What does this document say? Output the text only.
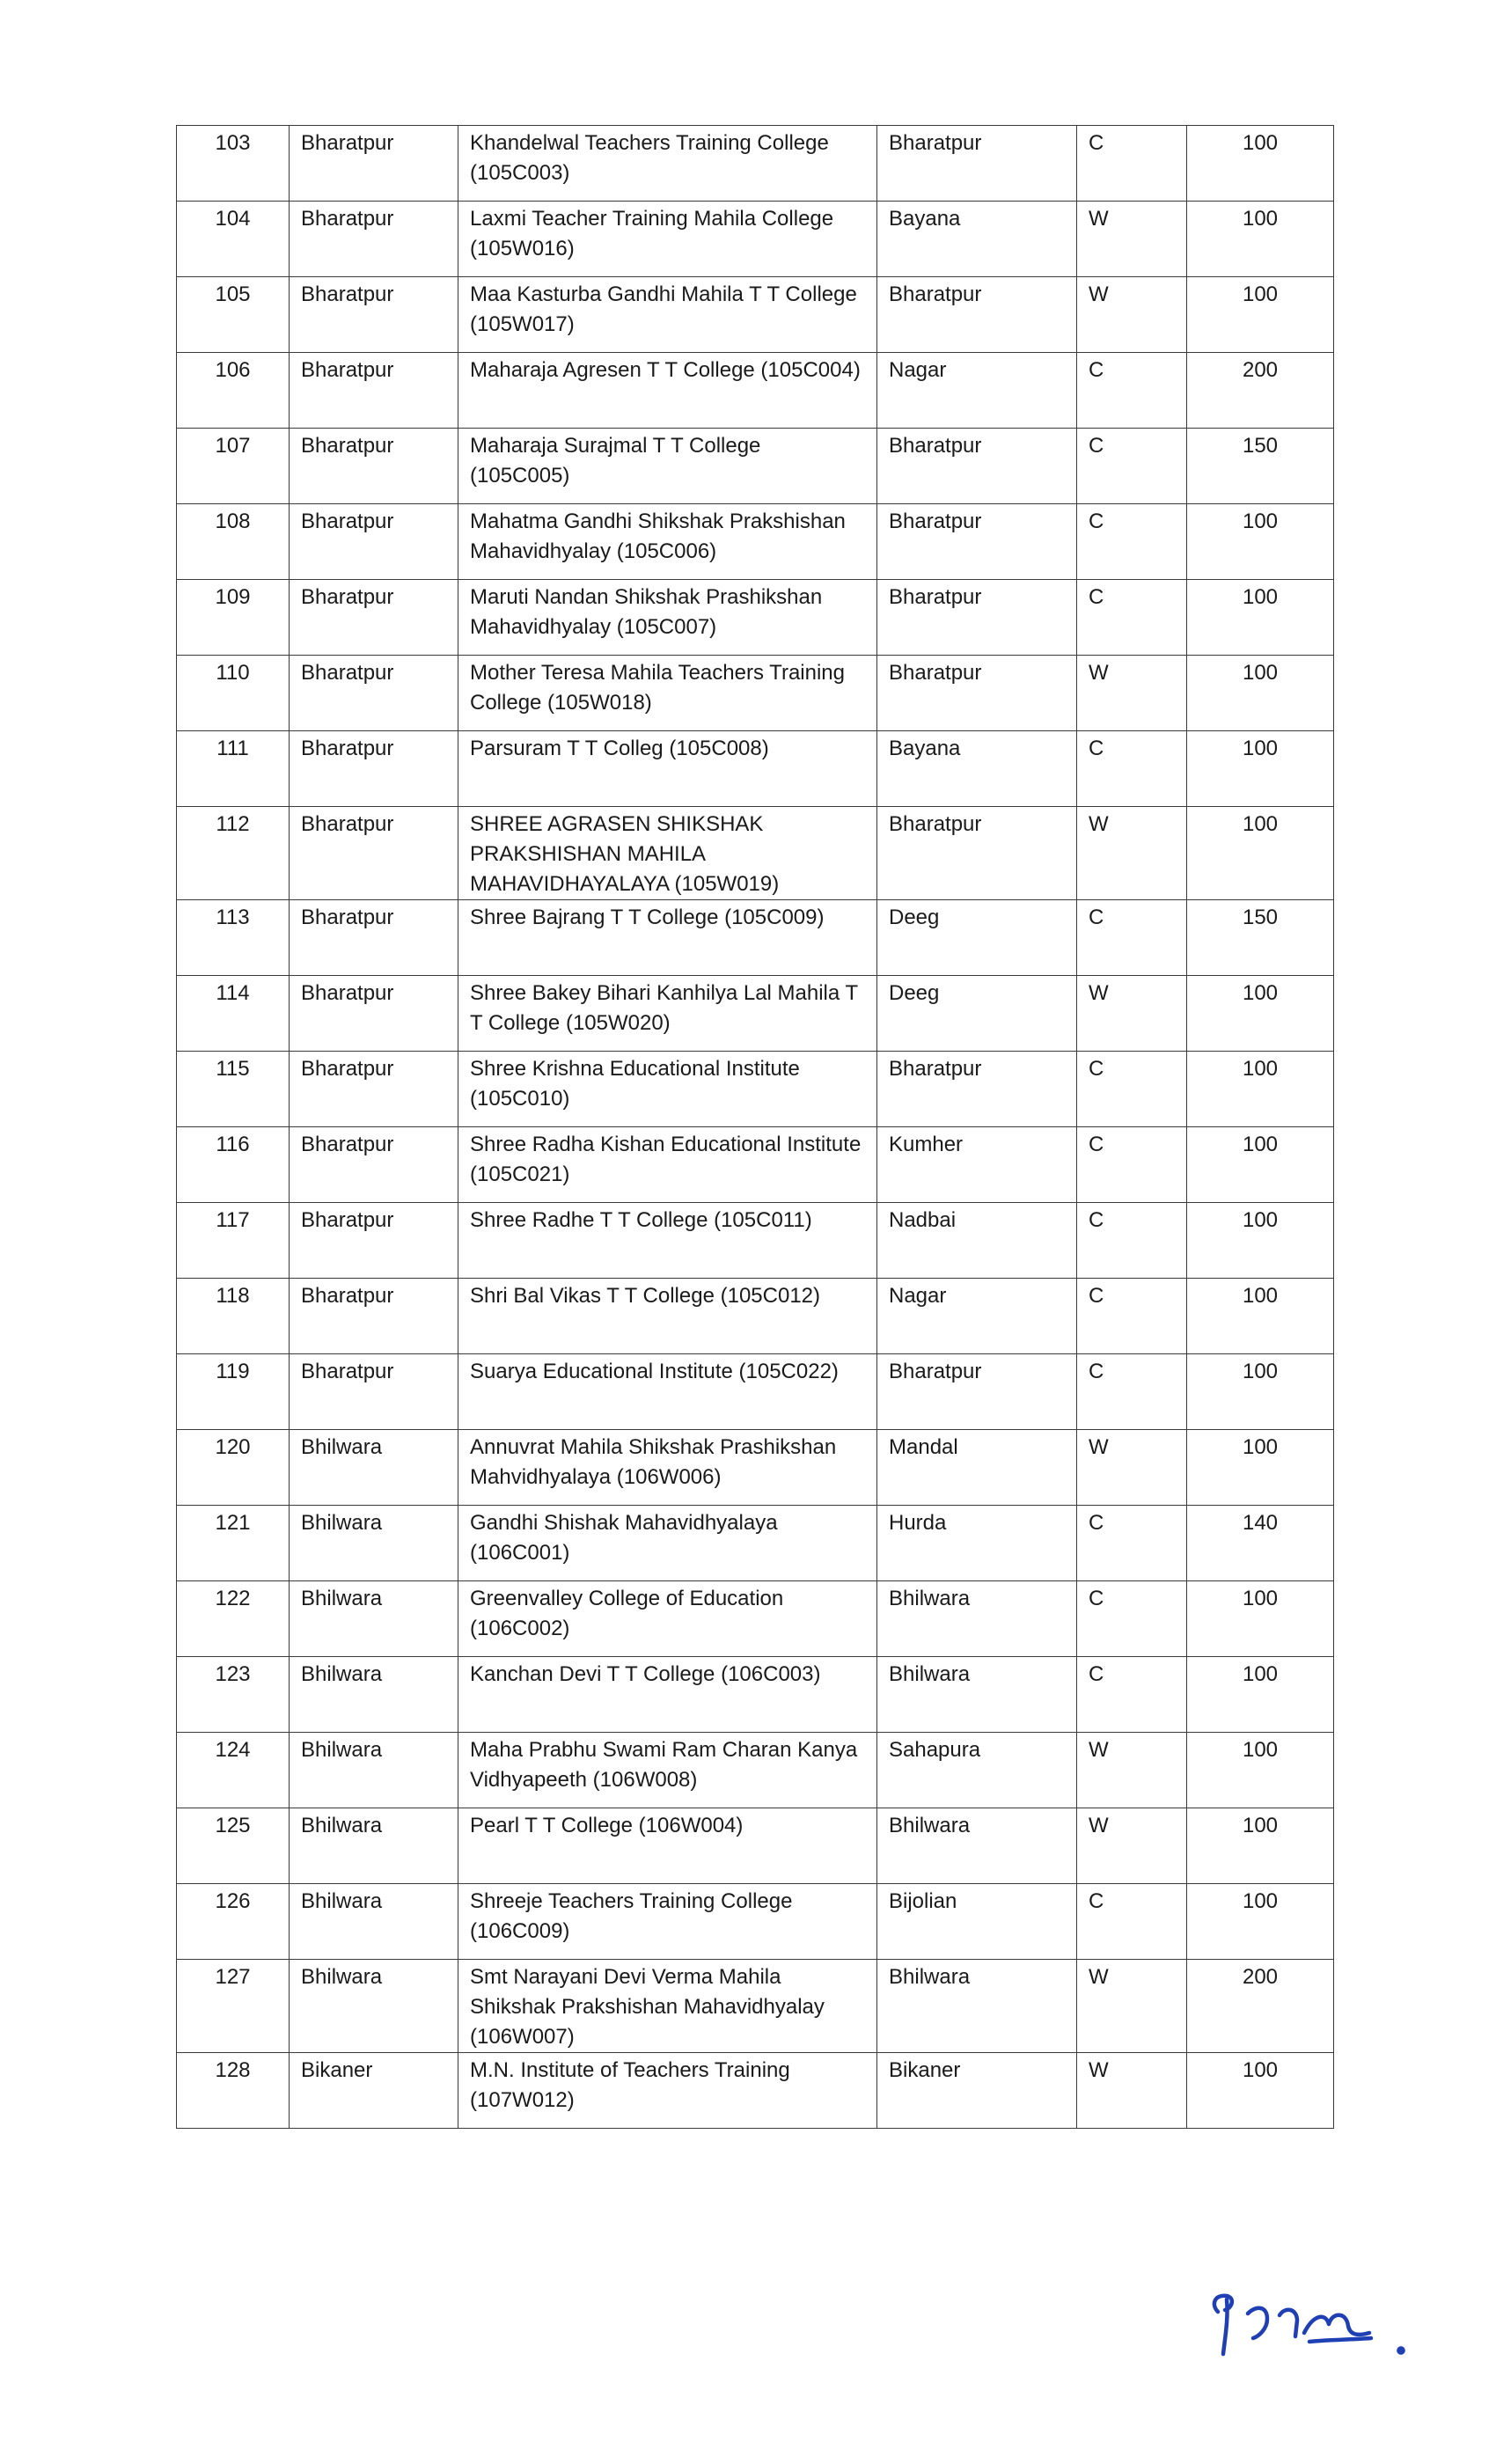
103	Bharatpur	Khandelwal Teachers Training College (105C003)	Bharatpur	C	100
104	Bharatpur	Laxmi Teacher Training Mahila College (105W016)	Bayana	W	100
105	Bharatpur	Maa Kasturba Gandhi Mahila T T College (105W017)	Bharatpur	W	100
106	Bharatpur	Maharaja Agresen T T College (105C004)	Nagar	C	200
107	Bharatpur	Maharaja Surajmal T T College (105C005)	Bharatpur	C	150
108	Bharatpur	Mahatma Gandhi Shikshak Prakshishan Mahavidhyalay (105C006)	Bharatpur	C	100
109	Bharatpur	Maruti Nandan Shikshak Prashikshan Mahavidhyalay (105C007)	Bharatpur	C	100
110	Bharatpur	Mother Teresa Mahila Teachers Training College (105W018)	Bharatpur	W	100
111	Bharatpur	Parsuram T T Colleg (105C008)	Bayana	C	100
112	Bharatpur	SHREE AGRASEN SHIKSHAK PRAKSHISHAN MAHILA MAHAVIDHAYALAYA (105W019)	Bharatpur	W	100
113	Bharatpur	Shree Bajrang T T College (105C009)	Deeg	C	150
114	Bharatpur	Shree Bakey Bihari Kanhilya Lal Mahila T T College (105W020)	Deeg	W	100
115	Bharatpur	Shree Krishna Educational Institute (105C010)	Bharatpur	C	100
116	Bharatpur	Shree Radha Kishan Educational Institute (105C021)	Kumher	C	100
117	Bharatpur	Shree Radhe T T College (105C011)	Nadbai	C	100
118	Bharatpur	Shri Bal Vikas T T College (105C012)	Nagar	C	100
119	Bharatpur	Suarya Educational Institute (105C022)	Bharatpur	C	100
120	Bhilwara	Annuvrat Mahila Shikshak Prashikshan Mahvidhyalaya (106W006)	Mandal	W	100
121	Bhilwara	Gandhi Shishak Mahavidhyalaya (106C001)	Hurda	C	140
122	Bhilwara	Greenvalley College of Education (106C002)	Bhilwara	C	100
123	Bhilwara	Kanchan Devi T T College (106C003)	Bhilwara	C	100
124	Bhilwara	Maha Prabhu Swami Ram Charan Kanya Vidhyapeeth (106W008)	Sahapura	W	100
125	Bhilwara	Pearl T T College (106W004)	Bhilwara	W	100
126	Bhilwara	Shreeje Teachers Training College (106C009)	Bijolian	C	100
127	Bhilwara	Smt Narayani Devi Verma Mahila Shikshak Prakshishan Mahavidhyalay (106W007)	Bhilwara	W	200
128	Bikaner	M.N. Institute of Teachers Training (107W012)	Bikaner	W	100
